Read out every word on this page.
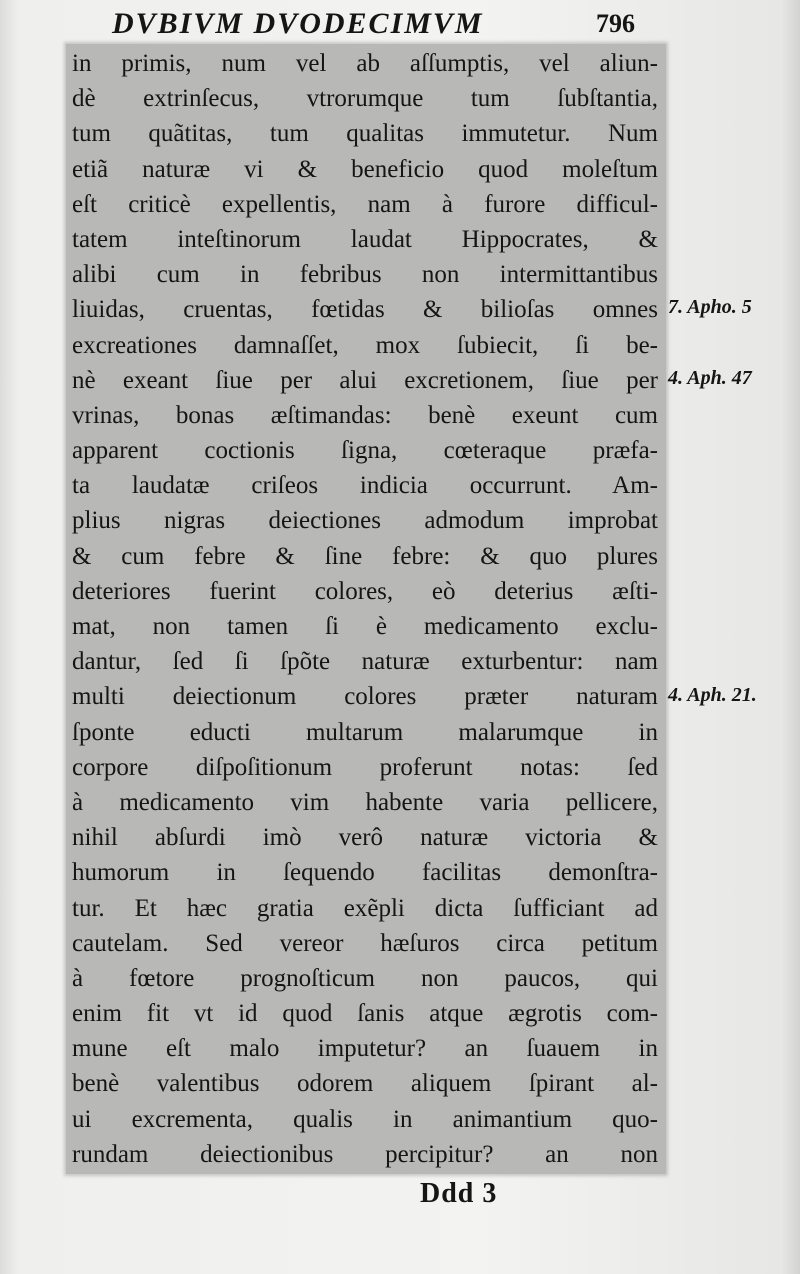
DVBIVM DVODECIMVM	796
in primis, num vel ab aſſumptis, vel aliun-
dè extrinſecus, vtrorumque tum ſubſtantia,
tum quãtitas, tum qualitas immutetur. Num
etiã naturæ vi & beneficio quod moleſtum
eſt criticè expellentis, nam à furore difficul-
tatem inteſtinorum laudat Hippocrates, &
alibi cum in febribus non intermittantibus
liuidas, cruentas, fœtidas & bilioſas omnes
excreationes damnaſſet, mox ſubiecit, ſi be-
nè exeant ſiue per alui excretionem, ſiue per
vrinas, bonas æſtimandas: benè exeunt cum
apparent coctionis ſigna, cœteraque præfa-
ta laudatæ criſeos indicia occurrunt. Am-
plius nigras deiectiones admodum improbat
& cum febre & ſine febre: & quo plures
deteriores fuerint colores, eò deterius æſti-
mat, non tamen ſi è medicamento exclu-
dantur, ſed ſi ſpõte naturæ exturbentur: nam
multi deiectionum colores præter naturam
ſponte educti multarum malarumque in
corpore diſpoſitionum proferunt notas: ſed
à medicamento vim habente varia pellicere,
nihil abſurdi imò verô naturæ victoria &
humorum in ſequendo facilitas demonſtra-
tur. Et hæc gratia exẽpli dicta ſufficiant ad
cautelam. Sed vereor hæſuros circa petitum
à fœtore prognoſticum non paucos, qui
enim fit vt id quod ſanis atque ægrotis com-
mune eſt malo imputetur? an ſuauem in
benè valentibus odorem aliquem ſpirant al-
ui excrementa, qualis in animantium quo-
rundam deiectionibus percipitur? an non
7. Apho. 5
4. Aph. 47
4. Aph. 21.
Ddd 3
